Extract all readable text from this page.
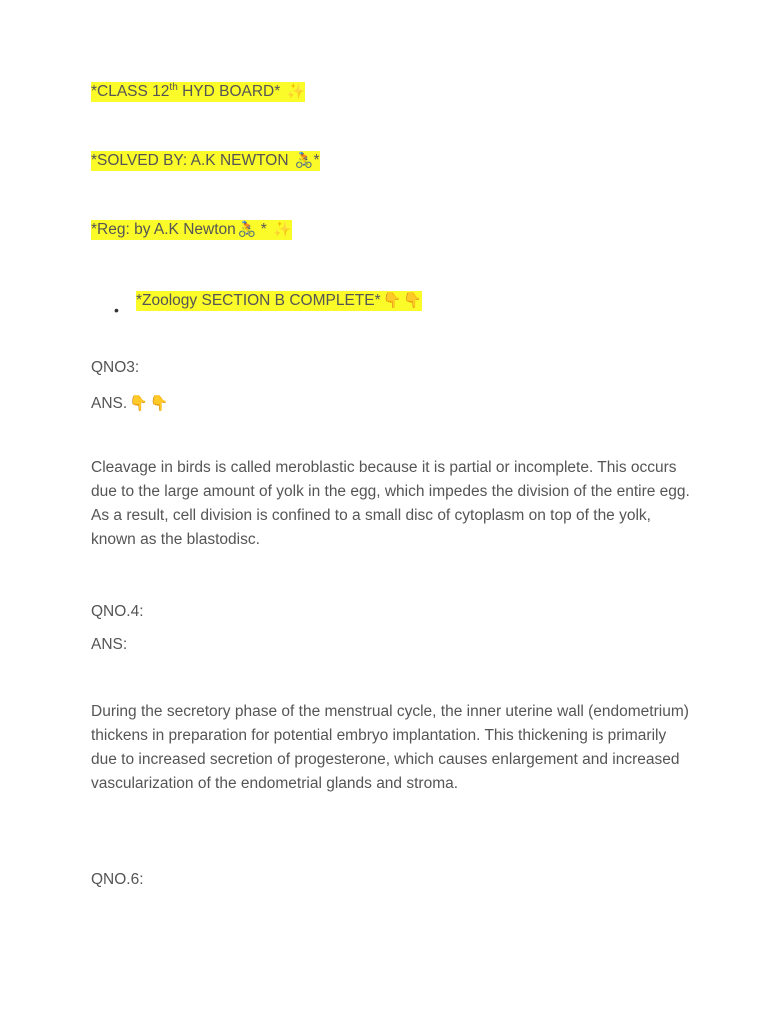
*CLASS 12th HYD BOARD* ✨
*SOLVED BY: A.K NEWTON 🚴*
*Reg: by A.K Newton 🚴 * ✨
•
*Zoology SECTION B COMPLETE* 👇 👇
QNO3:
ANS. 👇 👇
Cleavage in birds is called meroblastic because it is partial or incomplete. This occurs due to the large amount of yolk in the egg, which impedes the division of the entire egg. As a result, cell division is confined to a small disc of cytoplasm on top of the yolk, known as the blastodisc.
QNO.4:
ANS:
During the secretory phase of the menstrual cycle, the inner uterine wall (endometrium) thickens in preparation for potential embryo implantation. This thickening is primarily due to increased secretion of progesterone, which causes enlargement and increased vascularization of the endometrial glands and stroma.
QNO.6:
